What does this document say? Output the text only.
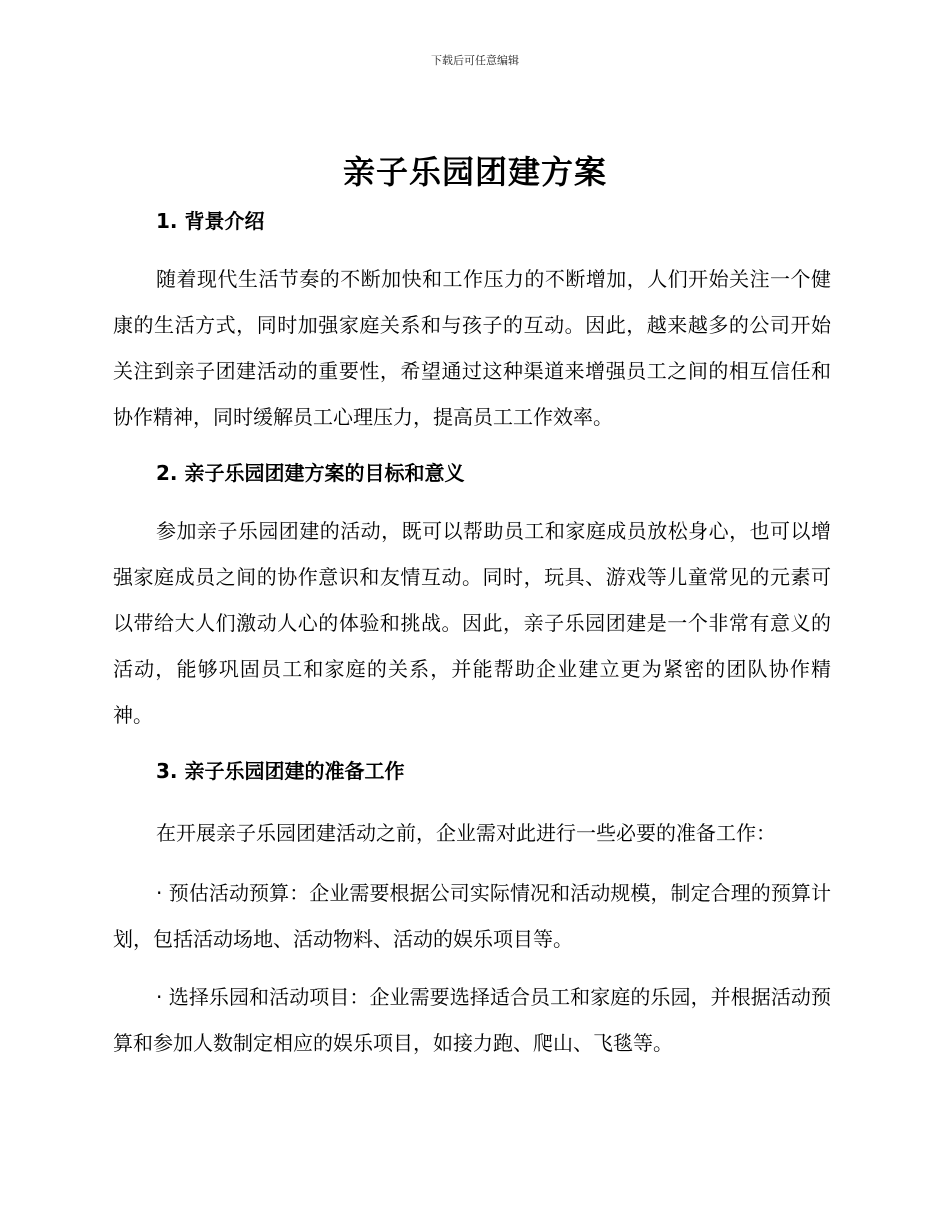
下载后可任意编辑
亲子乐园团建方案

1. 背景介绍

随着现代生活节奏的不断加快和工作压力的不断增加，人们开始关注一个健康的生活方式，同时加强家庭关系和与孩子的互动。因此，越来越多的公司开始关注到亲子团建活动的重要性，希望通过这种渠道来增强员工之间的相互信任和协作精神，同时缓解员工心理压力，提高员工工作效率。

2. 亲子乐园团建方案的目标和意义

参加亲子乐园团建的活动，既可以帮助员工和家庭成员放松身心，也可以增强家庭成员之间的协作意识和友情互动。同时，玩具、游戏等儿童常见的元素可以带给大人们激动人心的体验和挑战。因此，亲子乐园团建是一个非常有意义的活动，能够巩固员工和家庭的关系，并能帮助企业建立更为紧密的团队协作精神。

3. 亲子乐园团建的准备工作

在开展亲子乐园团建活动之前，企业需对此进行一些必要的准备工作：

· 预估活动预算：企业需要根据公司实际情况和活动规模，制定合理的预算计划，包括活动场地、活动物料、活动的娱乐项目等。

· 选择乐园和活动项目：企业需要选择适合员工和家庭的乐园，并根据活动预算和参加人数制定相应的娱乐项目，如接力跑、爬山、飞毯等。
